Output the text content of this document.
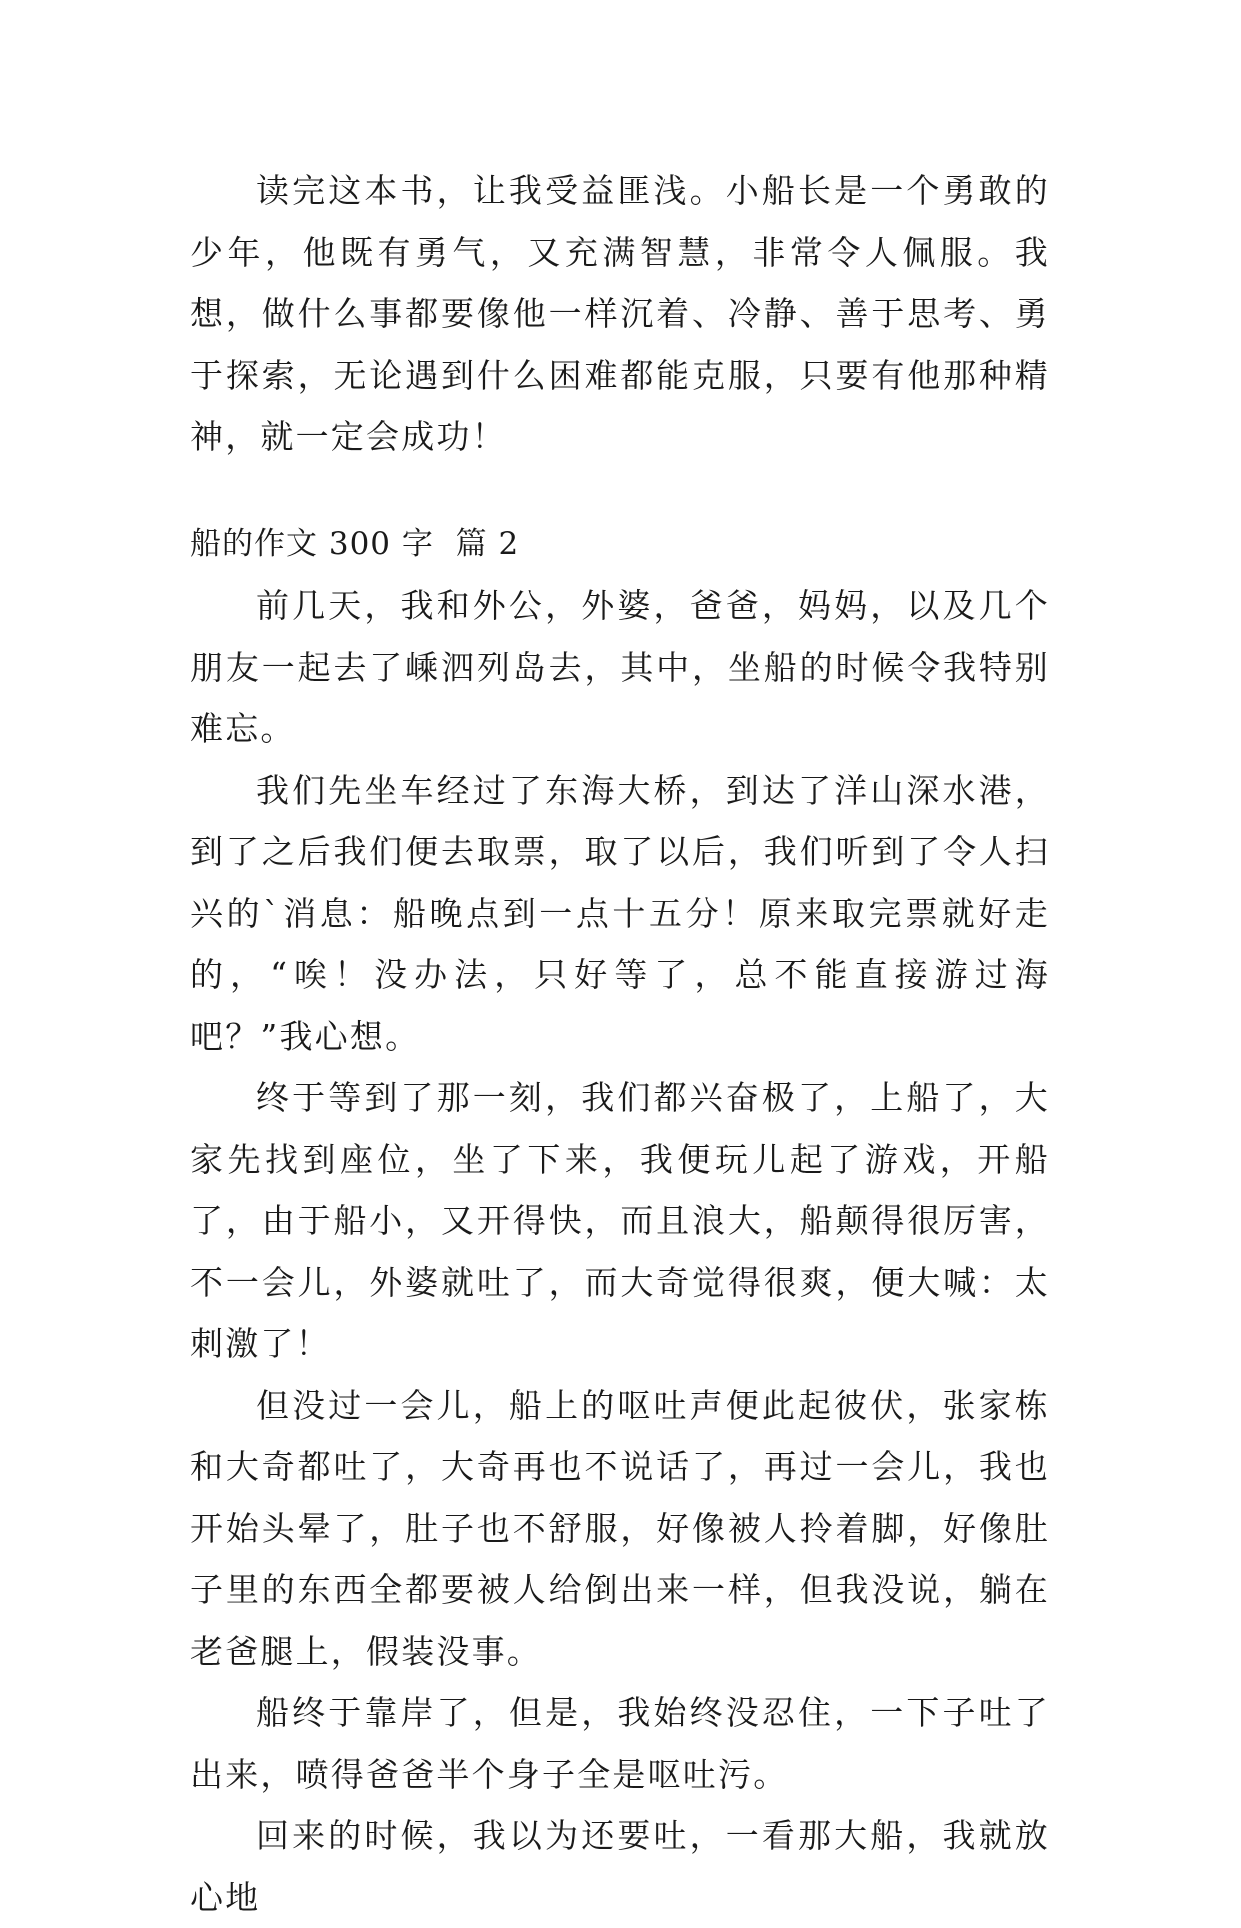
读完这本书，让我受益匪浅。小船长是一个勇敢的少年，他既有勇气，又充满智慧，非常令人佩服。我想，做什么事都要像他一样沉着、冷静、善于思考、勇于探索，无论遇到什么困难都能克服，只要有他那种精神，就一定会成功！

船的作文 300 字  篇 2

前几天，我和外公，外婆，爸爸，妈妈，以及几个朋友一起去了嵊泗列岛去，其中，坐船的时候令我特别难忘。

我们先坐车经过了东海大桥，到达了洋山深水港，到了之后我们便去取票，取了以后，我们听到了令人扫兴的`消息：船晚点到一点十五分！原来取完票就好走的，“唉！没办法，只好等了，总不能直接游过海吧？”我心想。

终于等到了那一刻，我们都兴奋极了，上船了，大家先找到座位，坐了下来，我便玩儿起了游戏，开船了，由于船小，又开得快，而且浪大，船颠得很厉害，不一会儿，外婆就吐了，而大奇觉得很爽，便大喊：太刺激了！

但没过一会儿，船上的呕吐声便此起彼伏，张家栋和大奇都吐了，大奇再也不说话了，再过一会儿，我也开始头晕了，肚子也不舒服，好像被人拎着脚，好像肚子里的东西全都要被人给倒出来一样，但我没说，躺在老爸腿上，假装没事。

船终于靠岸了，但是，我始终没忍住，一下子吐了出来，喷得爸爸半个身子全是呕吐污。

回来的时候，我以为还要吐，一看那大船，我就放心地
